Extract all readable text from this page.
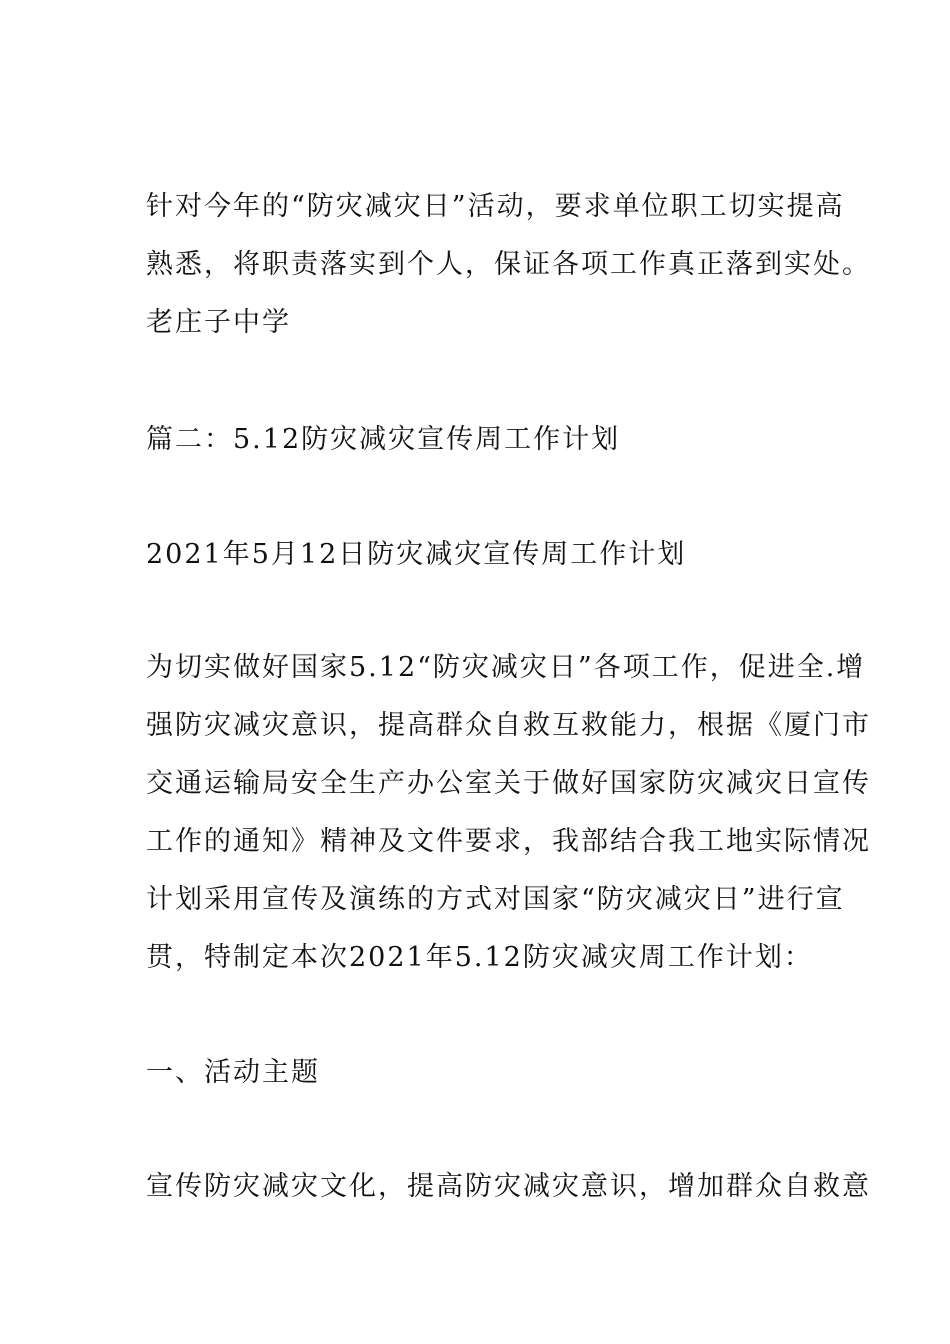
针对今年的“防灾减灾日”活动，要求单位职工切实提高
熟悉，将职责落实到个人，保证各项工作真正落到实处。
老庄子中学
篇二：5.12防灾减灾宣传周工作计划
2021年5月12日防灾减灾宣传周工作计划
为切实做好国家5.12“防灾减灾日”各项工作，促进全.增
强防灾减灾意识，提高群众自救互救能力，根据《厦门市
交通运输局安全生产办公室关于做好国家防灾减灾日宣传
工作的通知》精神及文件要求，我部结合我工地实际情况
计划采用宣传及演练的方式对国家“防灾减灾日”进行宣
贯，特制定本次2021年5.12防灾减灾周工作计划：
一、活动主题
宣传防灾减灾文化，提高防灾减灾意识，增加群众自救意
